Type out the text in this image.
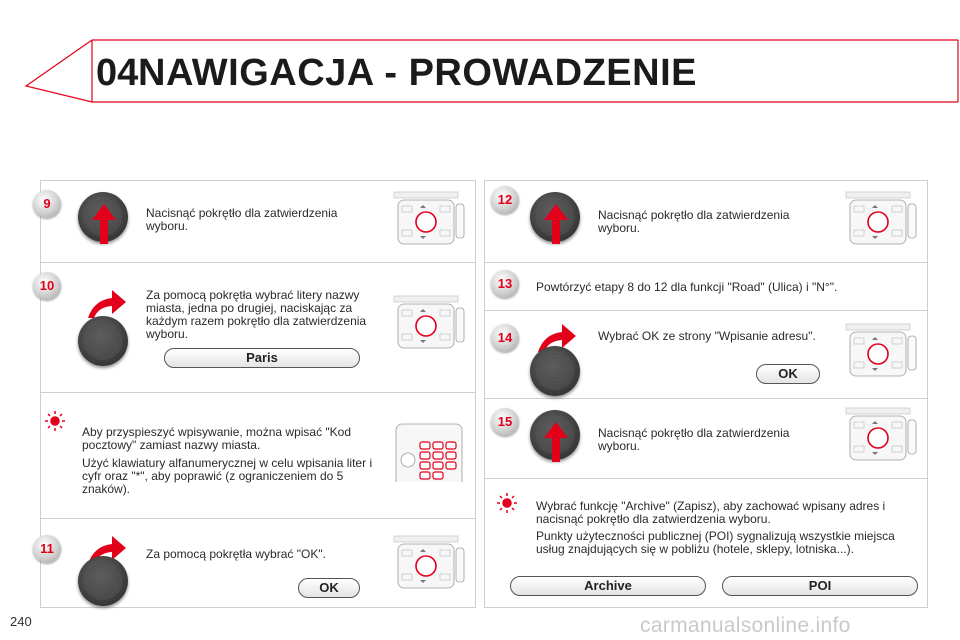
04 NAWIGACJA - PROWADZENIE
9
Nacisnąć pokrętło dla zatwierdzenia wyboru.
10
Za pomocą pokrętła wybrać litery nazwy miasta, jedna po drugiej, naciskając za każdym razem pokrętło dla zatwierdzenia wyboru.
Paris
Aby przyspieszyć wpisywanie, można wpisać "Kod pocztowy" zamiast nazwy miasta.
Użyć klawiatury alfanumerycznej w celu wpisania liter i cyfr oraz "*", aby poprawić (z ograniczeniem do 5 znaków).
11	Za pomocą pokrętła wybrać "OK".
OK
12
Nacisnąć pokrętło dla zatwierdzenia wyboru.
13	Powtórzyć etapy 8 do 12 dla funkcji "Road" (Ulica) i "N°".
14	Wybrać OK ze strony "Wpisanie adresu".
OK
15
Nacisnąć pokrętło dla zatwierdzenia wyboru.
Wybrać funkcję "Archive" (Zapisz), aby zachować wpisany adres i nacisnąć pokrętło dla zatwierdzenia wyboru.
Punkty użyteczności publicznej (POI) sygnalizują wszystkie miejsca usług znajdujących się w pobliżu (hotele, sklepy, lotniska...).
Archive	POI
240	carmanualsonline.info
